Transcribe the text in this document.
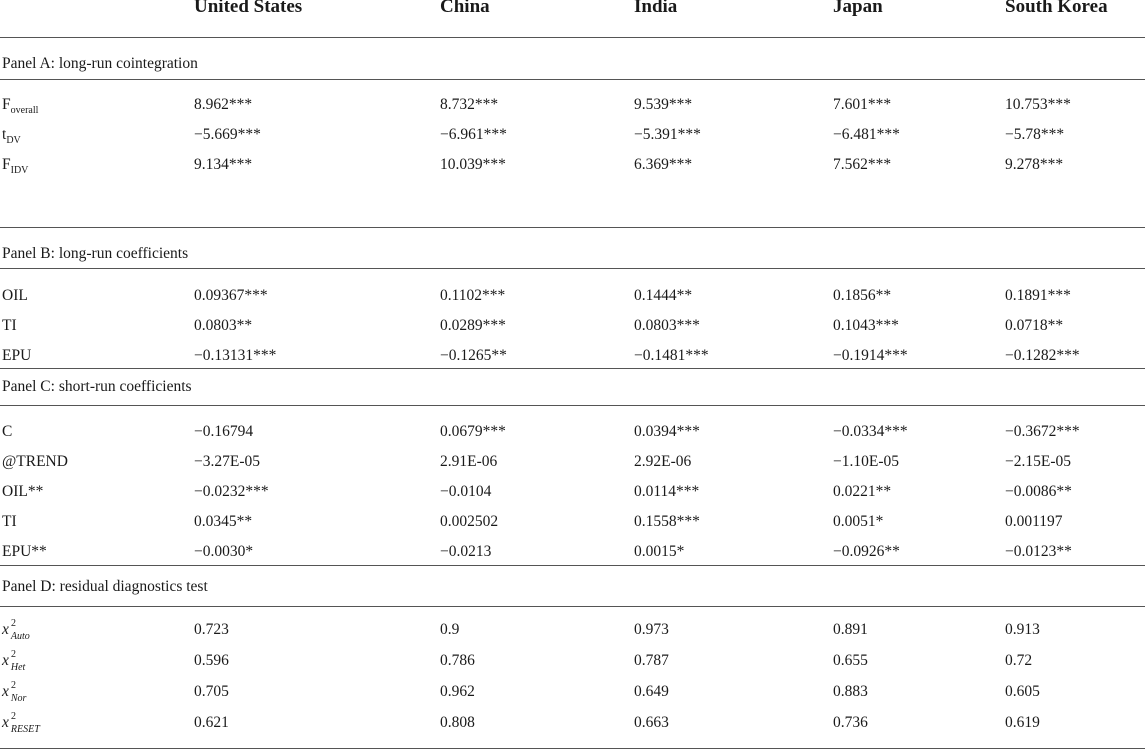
United States	China	India	Japan	South Korea
Panel A: long-run cointegration
$F_{overall}$	8.962***	8.732***	9.539***	7.601***	10.753***
$t_{DV}$	−5.669***	−6.961***	−5.391***	−6.481***	−5.78***
$F_{IDV}$	9.134***	10.039***	6.369***	7.562***	9.278***
Panel B: long-run coefficients
OIL	0.09367***	0.1102***	0.1444**	0.1856**	0.1891***
TI	0.0803**	0.0289***	0.0803***	0.1043***	0.0718**
EPU	−0.13131***	−0.1265**	−0.1481***	−0.1914***	−0.1282***
Panel C: short-run coefficients
C	−0.16794	0.0679***	0.0394***	−0.0334***	−0.3672***
@TREND	−3.27E-05	2.91E-06	2.92E-06	−1.10E-05	−2.15E-05
OIL**	−0.0232***	−0.0104	0.0114***	0.0221**	−0.0086**
TI	0.0345**	0.002502	0.1558***	0.0051*	0.001197
EPU**	−0.0030*	−0.0213	0.0015*	−0.0926**	−0.0123**
Panel D: residual diagnostics test
x 2
$_{Auto}$	0.723	0.9	0.973	0.891	0.913
x 2
$_{Het}$	0.596	0.786	0.787	0.655	0.72
x 2
$_{Nor}$	0.705	0.962	0.649	0.883	0.605
x 2
$_{RESET}$	0.621	0.808	0.663	0.736	0.619
